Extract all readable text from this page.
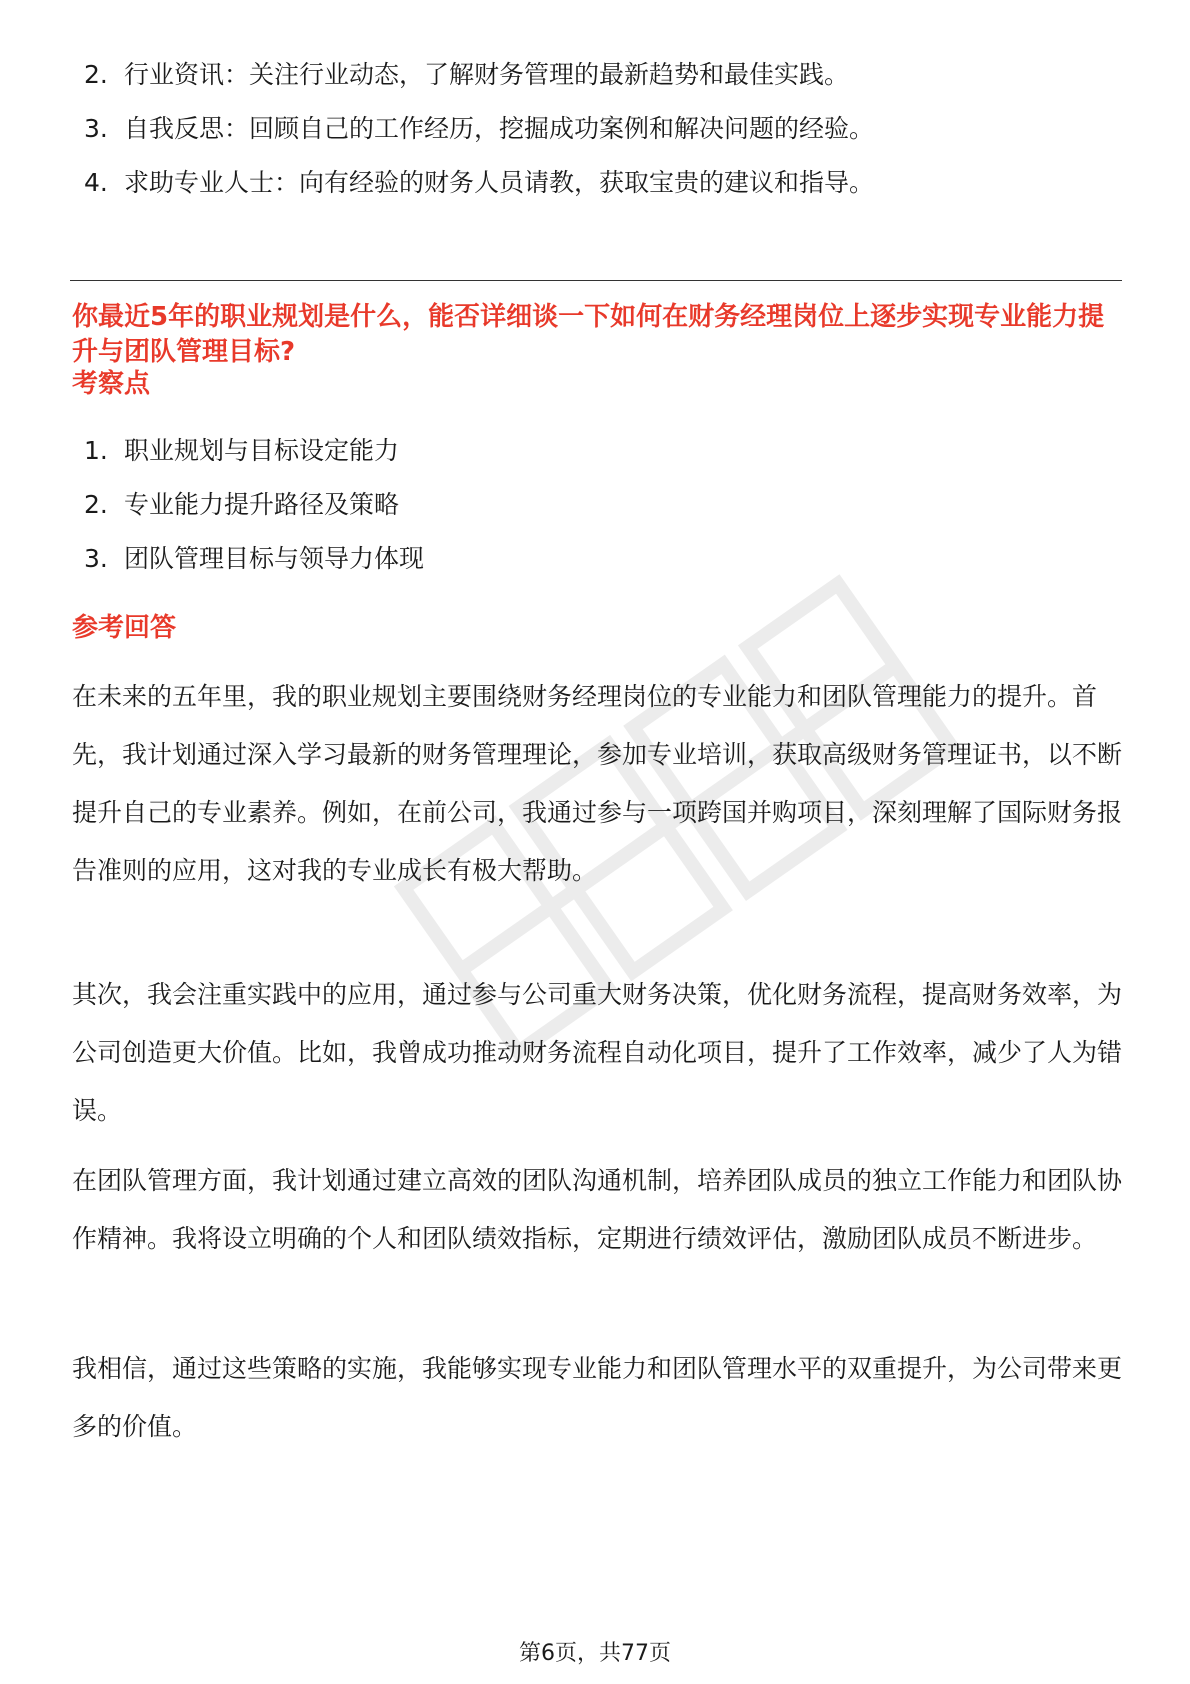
2. 行业资讯：关注行业动态，了解财务管理的最新趋势和最佳实践。
3. 自我反思：回顾自己的工作经历，挖掘成功案例和解决问题的经验。
4. 求助专业人士：向有经验的财务人员请教，获取宝贵的建议和指导。
你最近5年的职业规划是什么，能否详细谈一下如何在财务经理岗位上逐步实现专业能力提升与团队管理目标?
考察点
1. 职业规划与目标设定能力
2. 专业能力提升路径及策略
3. 团队管理目标与领导力体现
参考回答
在未来的五年里，我的职业规划主要围绕财务经理岗位的专业能力和团队管理能力的提升。首先，我计划通过深入学习最新的财务管理理论，参加专业培训，获取高级财务管理证书，以不断提升自己的专业素养。例如，在前公司，我通过参与一项跨国并购项目，深刻理解了国际财务报告准则的应用，这对我的专业成长有极大帮助。
其次，我会注重实践中的应用，通过参与公司重大财务决策，优化财务流程，提高财务效率，为公司创造更大价值。比如，我曾成功推动财务流程自动化项目，提升了工作效率，减少了人为错误。
在团队管理方面，我计划通过建立高效的团队沟通机制，培养团队成员的独立工作能力和团队协作精神。我将设立明确的个人和团队绩效指标，定期进行绩效评估，激励团队成员不断进步。
我相信，通过这些策略的实施，我能够实现专业能力和团队管理水平的双重提升，为公司带来更多的价值。
第6页，共77页
